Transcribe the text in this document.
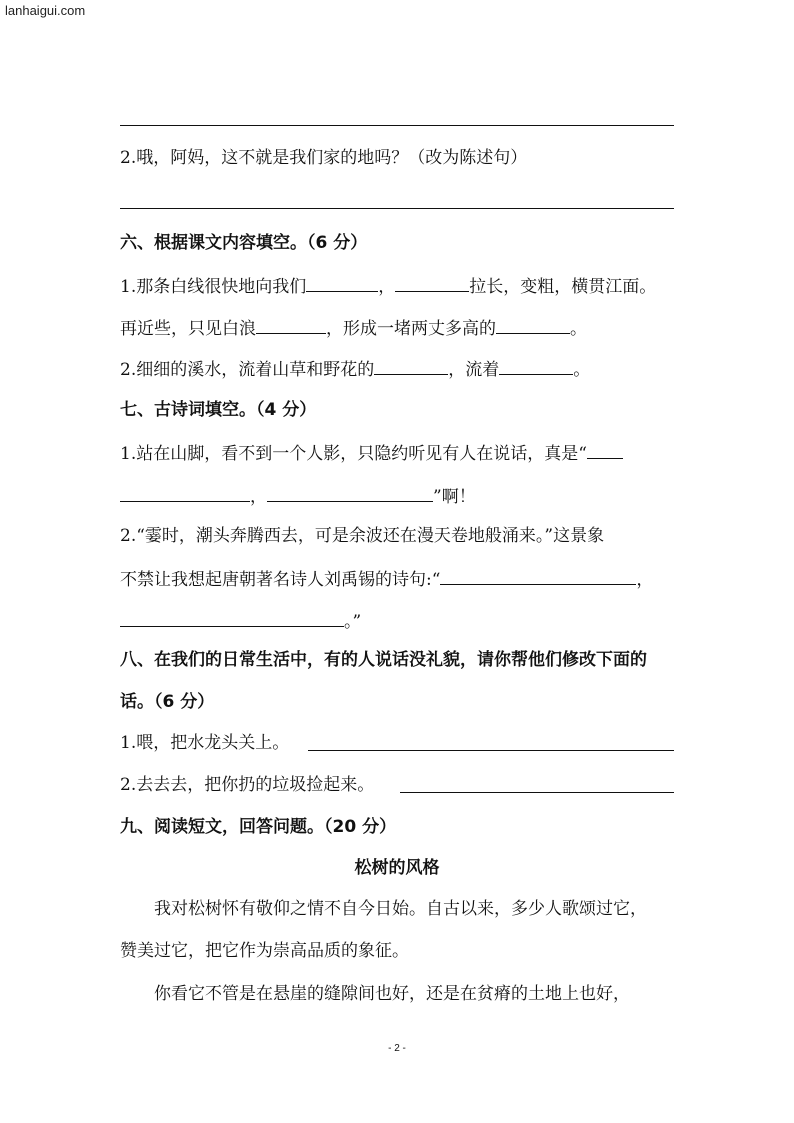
lanhaigui.com
2.哦，阿妈，这不就是我们家的地吗？（改为陈述句）
六、根据课文内容填空。（6 分）
1.那条白线很快地向我们	，	拉长，变粗，横贯江面。
再近些，只见白浪	，形成一堵两丈多高的	。
2.细细的溪水，流着山草和野花的	，流着	。
七、古诗词填空。（4 分）
1.站在山脚，看不到一个人影，只隐约听见有人在说话，真是“
，	”啊！
2.“霎时，潮头奔腾西去，可是余波还在漫天卷地般涌来。”这景象
不禁让我想起唐朝著名诗人刘禹锡的诗句:“	，
。”
八、在我们的日常生活中，有的人说话没礼貌，请你帮他们修改下面的
话。（6 分）
1.喂，把水龙头关上。
2.去去去，把你扔的垃圾捡起来。
九、阅读短文，回答问题。（20 分）
松树的风格
我对松树怀有敬仰之情不自今日始。自古以来，多少人歌颂过它，
赞美过它，把它作为崇高品质的象征。
你看它不管是在悬崖的缝隙间也好，还是在贫瘠的土地上也好，
- 2 -
